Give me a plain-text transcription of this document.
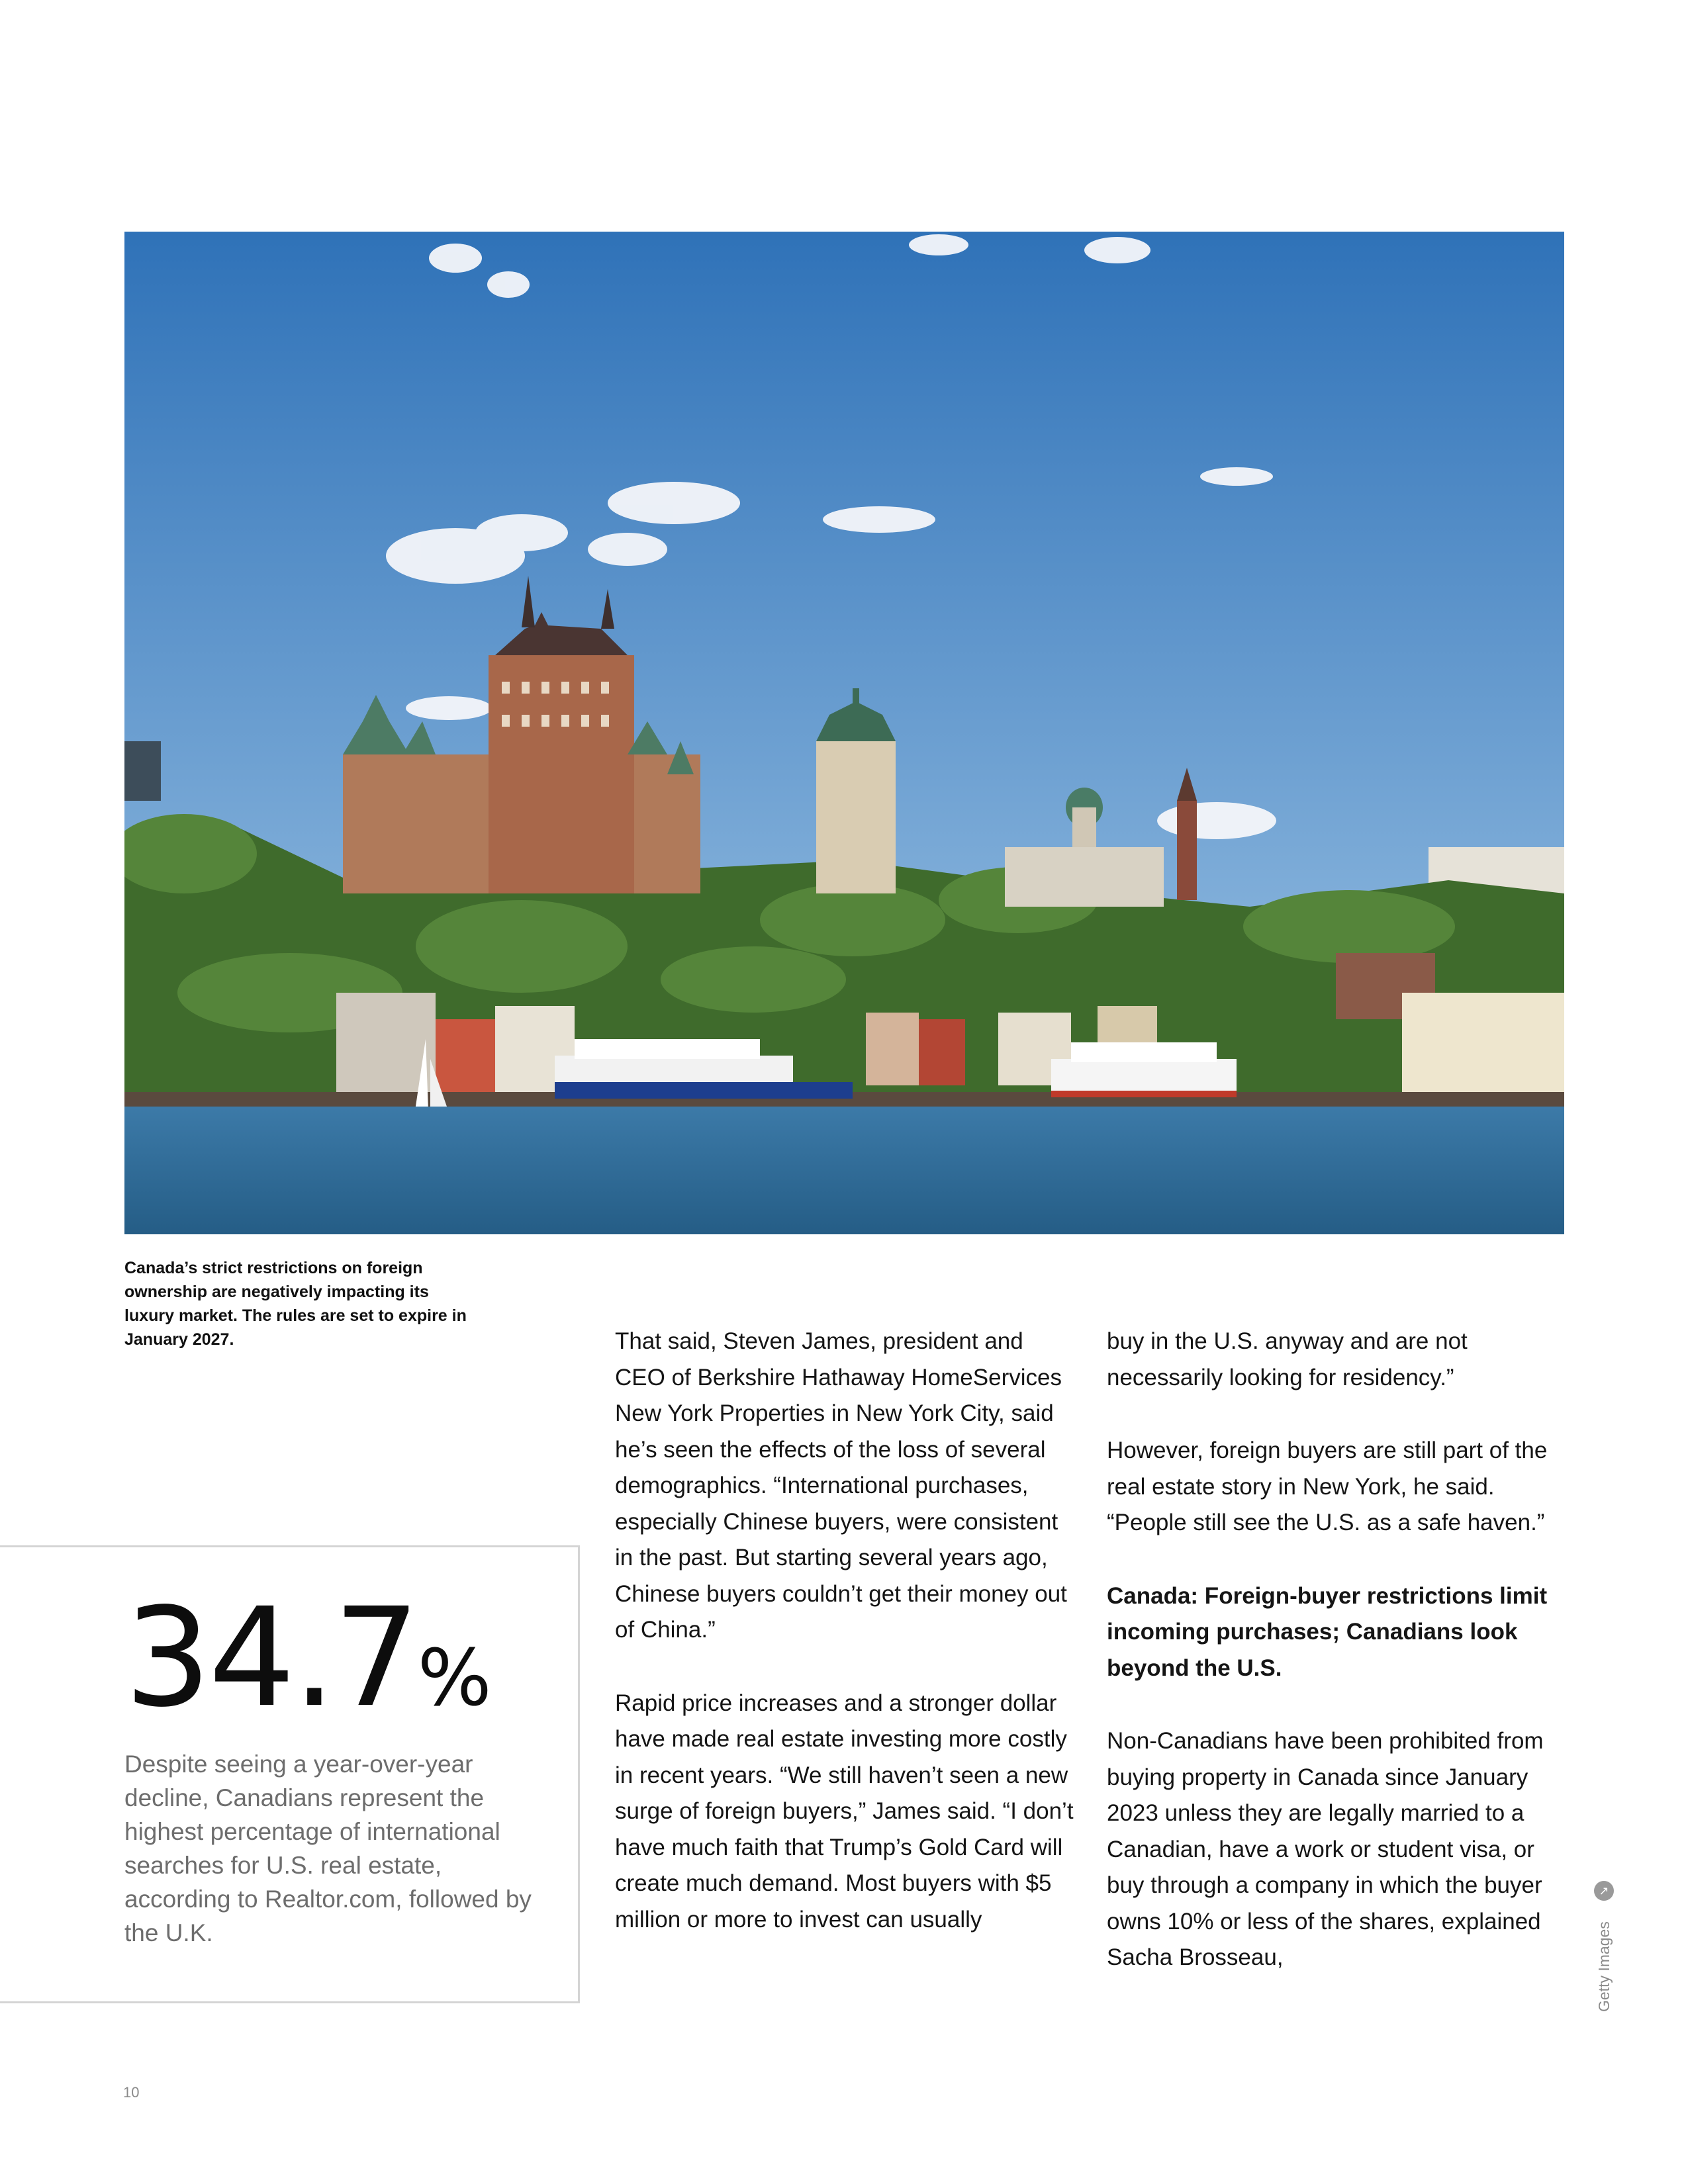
Canada’s strict restrictions on foreign ownership are negatively impacting its luxury market. The rules are set to expire in January 2027.
34.7%
Despite seeing a year-over-year decline, Canadians represent the highest percentage of international searches for U.S. real estate, according to Realtor.com, followed by the U.K.

That said, Steven James, president and CEO of Berkshire Hathaway HomeServices New York Properties in New York City, said he’s seen the effects of the loss of several demographics. “International purchases, especially Chinese buyers, were consistent in the past. But starting several years ago, Chinese buyers couldn’t get their money out of China.”

Rapid price increases and a stronger dollar have made real estate investing more costly in recent years. “We still haven’t seen a new surge of foreign buyers,” James said. “I don’t have much faith that Trump’s Gold Card will create much demand. Most buyers with $5 million or more to invest can usually

buy in the U.S. anyway and are not necessarily looking for residency.”

However, foreign buyers are still part of the real estate story in New York, he said. “People still see the U.S. as a safe haven.”

Canada: Foreign-buyer restrictions limit incoming purchases; Canadians look beyond the U.S.

Non-Canadians have been prohibited from buying property in Canada since January 2023 unless they are legally married to a Canadian, have a work or student visa, or buy through a company in which the buyer owns 10% or less of the shares, explained Sacha Brosseau,

↗
Getty Images
10
